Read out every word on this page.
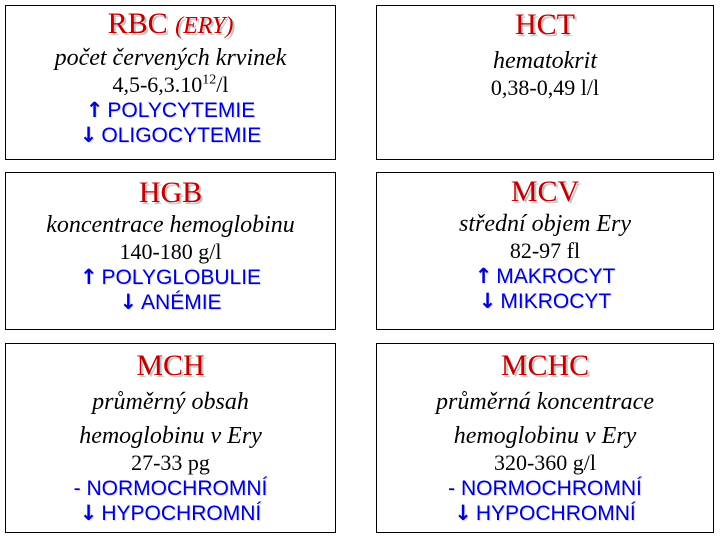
RBC (ERY)
počet červených krvinek
4,5-6,3.10$^{12}$/l
↑ POLYCYTEMIE
↓ OLIGOCYTEMIE
HCT
hematokrit
0,38-0,49 l/l
HGB
koncentrace hemoglobinu
140-180 g/l
↑ POLYGLOBULIE
↓ ANÉMIE
MCV
střední objem Ery
82-97 fl
↑ MAKROCYT
↓ MIKROCYT
MCH
průměrný obsah
hemoglobinu v Ery
27-33 pg
- NORMOCHROMNÍ
↓ HYPOCHROMNÍ
MCHC
průměrná koncentrace
hemoglobinu v Ery
320-360 g/l
- NORMOCHROMNÍ
↓ HYPOCHROMNÍ
